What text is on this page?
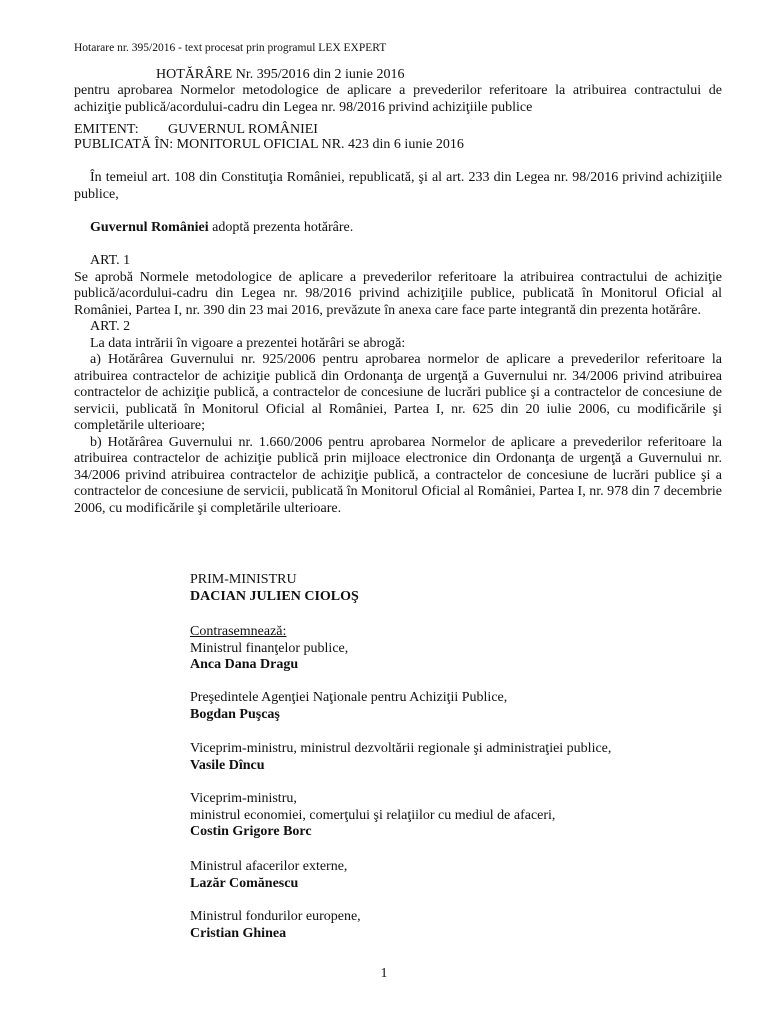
Hotarare nr. 395/2016 - text procesat prin programul LEX EXPERT
HOTĂRÂRE Nr. 395/2016 din 2 iunie 2016
pentru aprobarea Normelor metodologice de aplicare a prevederilor referitoare la atribuirea contractului de achiziţie publică/acordului-cadru din Legea nr. 98/2016 privind achiziţiile publice
EMITENT: GUVERNUL ROMÂNIEI
PUBLICATĂ ÎN: MONITORUL OFICIAL NR. 423 din 6 iunie 2016
În temeiul art. 108 din Constituţia României, republicată, şi al art. 233 din Legea nr. 98/2016 privind achiziţiile publice,
Guvernul României adoptă prezenta hotărâre.
ART. 1
Se aprobă Normele metodologice de aplicare a prevederilor referitoare la atribuirea contractului de achiziţie publică/acordului-cadru din Legea nr. 98/2016 privind achiziţiile publice, publicată în Monitorul Oficial al României, Partea I, nr. 390 din 23 mai 2016, prevăzute în anexa care face parte integrantă din prezenta hotărâre.
ART. 2
La data intrării în vigoare a prezentei hotărâri se abrogă:
a) Hotărârea Guvernului nr. 925/2006 pentru aprobarea normelor de aplicare a prevederilor referitoare la atribuirea contractelor de achiziţie publică din Ordonanţa de urgenţă a Guvernului nr. 34/2006 privind atribuirea contractelor de achiziţie publică, a contractelor de concesiune de lucrări publice şi a contractelor de concesiune de servicii, publicată în Monitorul Oficial al României, Partea I, nr. 625 din 20 iulie 2006, cu modificările şi completările ulterioare;
b) Hotărârea Guvernului nr. 1.660/2006 pentru aprobarea Normelor de aplicare a prevederilor referitoare la atribuirea contractelor de achiziţie publică prin mijloace electronice din Ordonanţa de urgenţă a Guvernului nr. 34/2006 privind atribuirea contractelor de achiziţie publică, a contractelor de concesiune de lucrări publice şi a contractelor de concesiune de servicii, publicată în Monitorul Oficial al României, Partea I, nr. 978 din 7 decembrie 2006, cu modificările şi completările ulterioare.
PRIM-MINISTRU
DACIAN JULIEN CIOLOŞ
Contrasemnează:
Ministrul finanţelor publice,
Anca Dana Dragu
Preşedintele Agenţiei Naţionale pentru Achiziţii Publice,
Bogdan Puşcaş
Viceprim-ministru, ministrul dezvoltării regionale şi administraţiei publice,
Vasile Dîncu
Viceprim-ministru,
ministrul economiei, comerţului şi relaţiilor cu mediul de afaceri,
Costin Grigore Borc
Ministrul afacerilor externe,
Lazăr Comănescu
Ministrul fondurilor europene,
Cristian Ghinea
1
